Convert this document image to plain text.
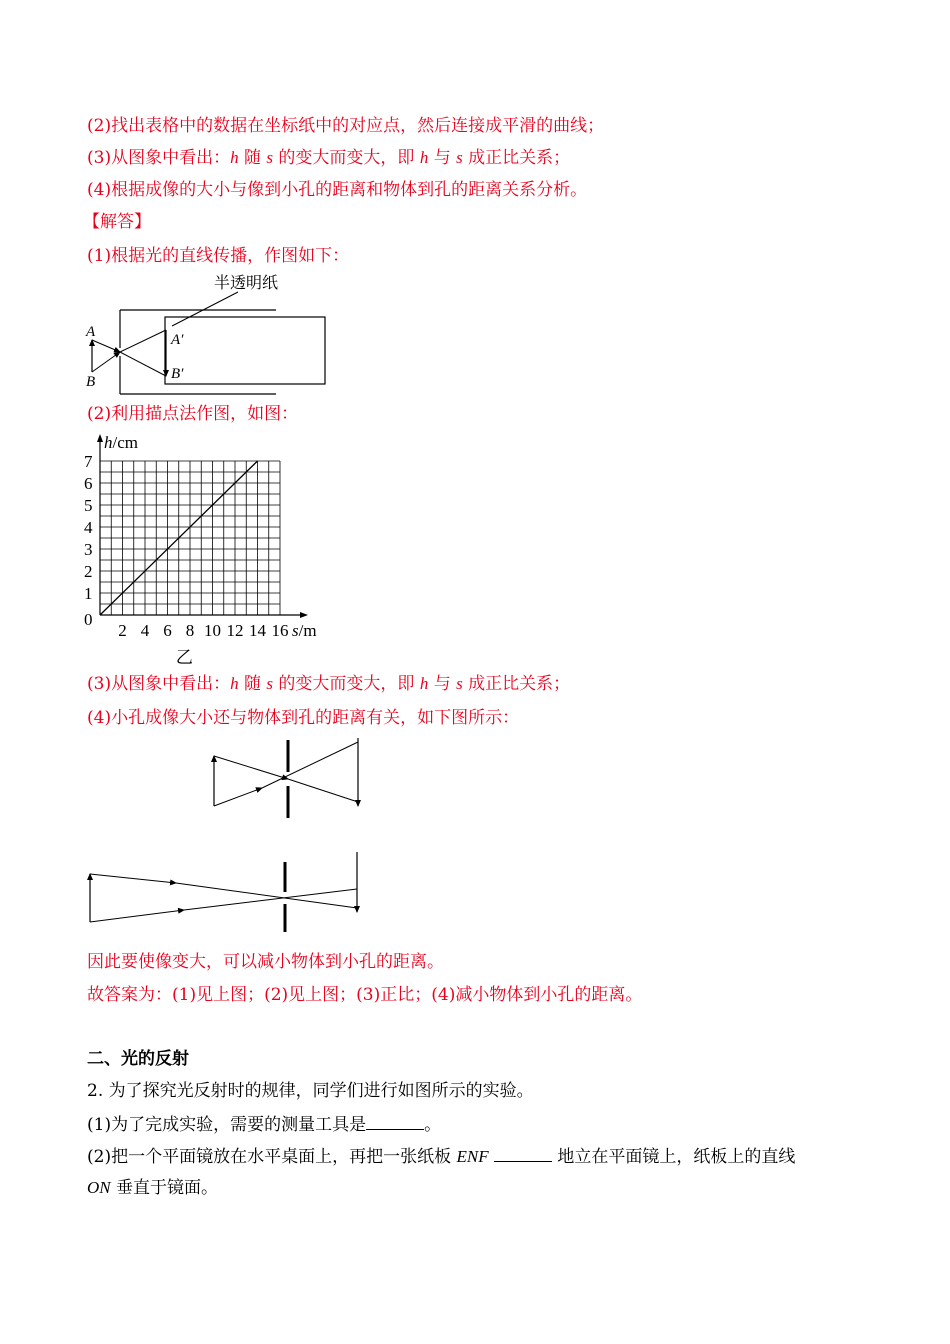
(2)找出表格中的数据在坐标纸中的对应点，然后连接成平滑的曲线；
(3)从图象中看出：h 随 s 的变大而变大，即 h 与 s 成正比关系；
(4)根据成像的大小与像到小孔的距离和物体到孔的距离关系分析。
【解答】
(1)根据光的直线传播，作图如下：
半透明纸
A
B
A′
B′
(2)利用描点法作图，如图：
0
1
2
3
4
5
6
7
2 4 6 8 10 12 14 16
h/cm
s/m
乙
(3)从图象中看出：h 随 s 的变大而变大，即 h 与 s 成正比关系；
(4)小孔成像大小还与物体到孔的距离有关，如下图所示：
因此要使像变大，可以减小物体到小孔的距离。
故答案为：(1)见上图；(2)见上图；(3)正比；(4)减小物体到小孔的距离。
二、光的反射
2. 为了探究光反射时的规律，同学们进行如图所示的实验。
(1)为了完成实验，需要的测量工具是	。
(2)把一个平面镜放在水平桌面上，再把一张纸板 ENF	地立在平面镜上，纸板上的直线
ON 垂直于镜面。
